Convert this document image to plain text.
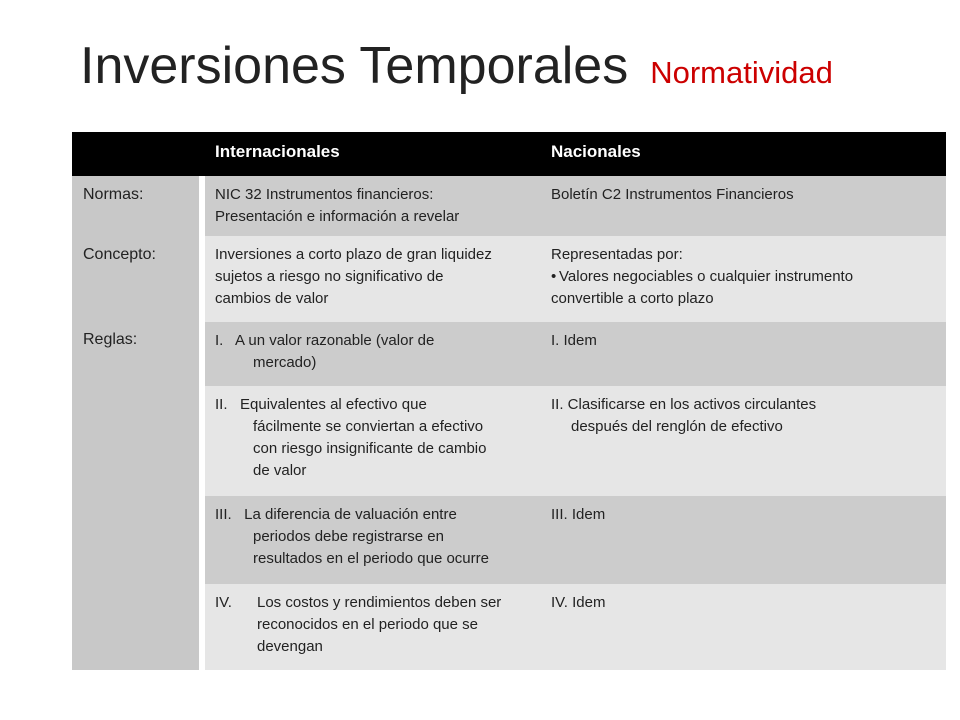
Inversiones Temporales Normatividad
Internacionales	Nacionales
Normas:
Concepto:
Reglas:
NIC 32 Instrumentos financieros:
Presentación e información a revelar
Boletín C2 Instrumentos Financieros
Inversiones a corto plazo de gran liquidez
sujetos a riesgo no significativo de
cambios de valor
Representadas por:
• Valores negociables o cualquier instrumento
convertible a corto plazo
I.   A un valor razonable (valor de
mercado)
I. Idem
II.   Equivalentes al efectivo que
fácilmente se conviertan a efectivo
con riesgo insignificante de cambio
de valor
II. Clasificarse en los activos circulantes
después del renglón de efectivo
III.   La diferencia de valuación entre
periodos debe registrarse en
resultados en el periodo que ocurre
III. Idem
IV.	Los costos y rendimientos deben ser
reconocidos en el periodo que se
devengan
IV. Idem
